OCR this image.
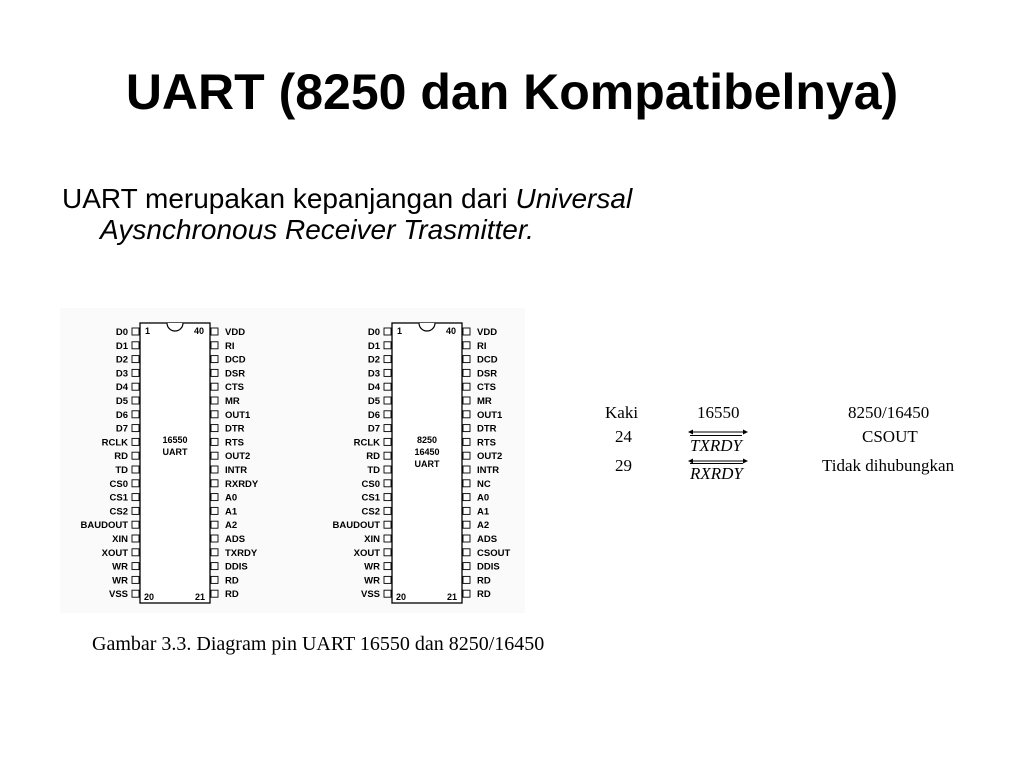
UART (8250 dan Kompatibelnya)
UART merupakan kepanjangan dari Universal
Aysnchronous Receiver Trasmitter.
1	40
20	21
16550
UART
D0
D1
D2
D3
D4
D5
D6
D7
RCLK
RD
TD
CS0
CS1
CS2
BAUDOUT
XIN
XOUT
WR
WR
VSS
VDD
RI
DCD
DSR
CTS
MR
OUT1
DTR
RTS
OUT2
INTR
RXRDY
A0
A1
A2
ADS
TXRDY
DDIS
RD
RD
1	40
20	21
8250
16450
UART
D0
D1
D2
D3
D4
D5
D6
D7
RCLK
RD
TD
CS0
CS1
CS2
BAUDOUT
XIN
XOUT
WR
WR
VSS
VDD
RI
DCD
DSR
CTS
MR
OUT1
DTR
RTS
OUT2
INTR
NC
A0
A1
A2
ADS
CSOUT
DDIS
RD
RD
Gambar 3.3. Diagram pin UART 16550 dan 8250/16450
Kaki	16550	8250/16450
24	TXRDY	CSOUT
29	RXRDY	Tidak dihubungkan
